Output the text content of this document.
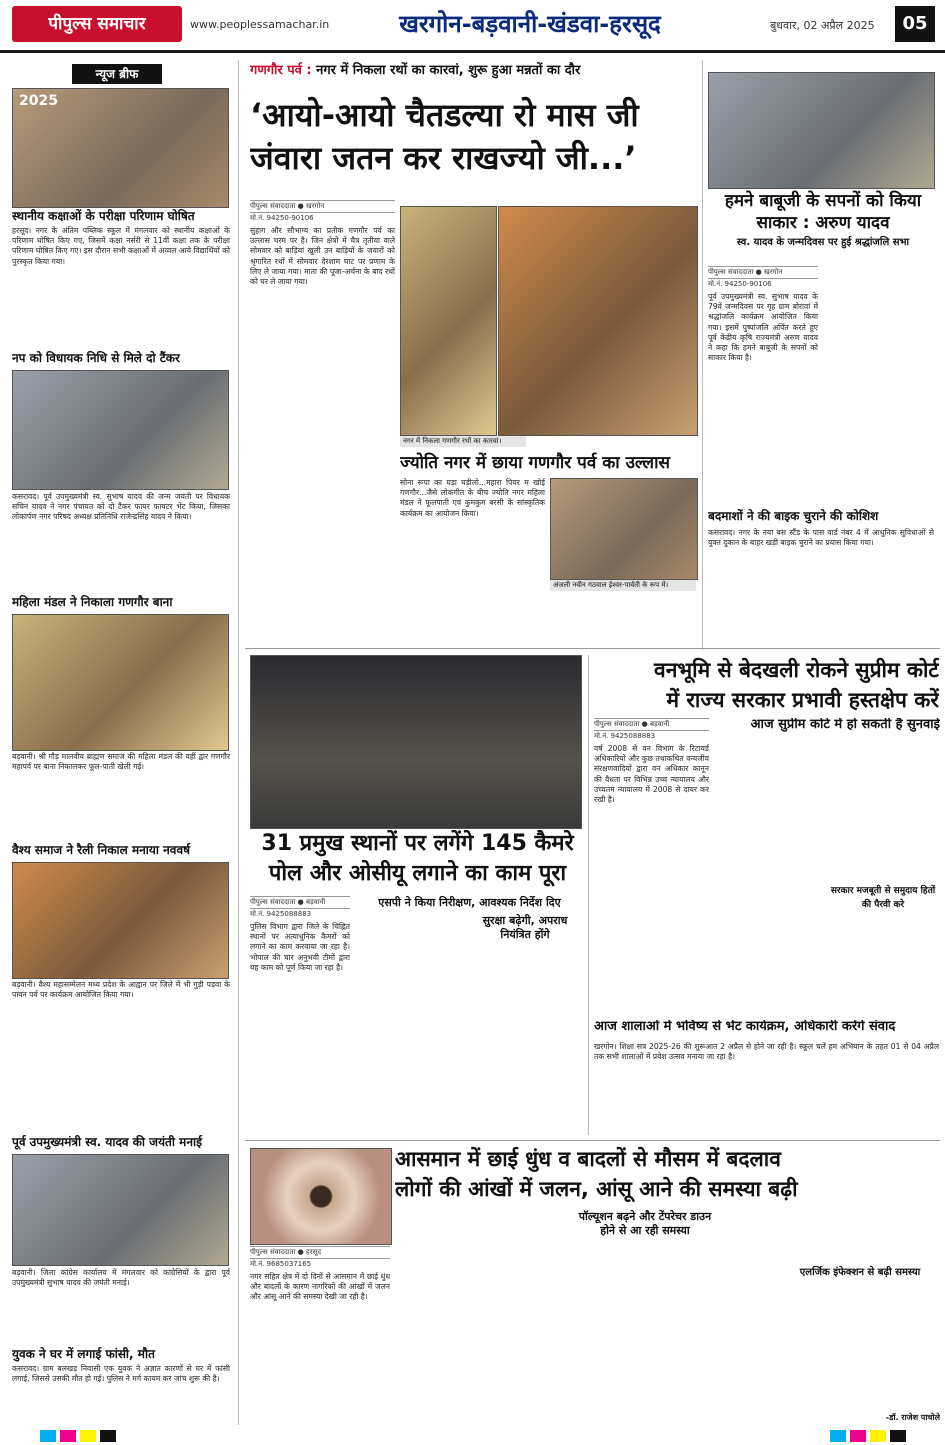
पीपुल्स समाचार	www.peoplessamachar.in	खरगोन-बड़वानी-खंडवा-हरसूद	बुधवार, 02 अप्रैल 2025	05
न्यूज ब्रीफ
2025
स्थानीय कक्षाओं के परीक्षा परिणाम घोषित
हरसूद। नगर के अंतिम पब्लिक स्कूल में मंगलवार को स्थानीय कक्षाओं के परिणाम घोषित किए गए, जिसमें कक्षा नर्सरी से 11वीं कक्षा तक के परीक्षा परिणाम घोषित किए गए। इस दौरान सभी कक्षाओं में अव्वल आये विद्यार्थियों को पुरस्कृत किया गया।
नप को विधायक निधि से मिले दो टैंकर
कसरावद। पूर्व उपमुख्यमंत्री स्व. सुभाष यादव की जन्म जयंती पर विधायक सचिन यादव ने नगर पंचायत को दो टैंकर फायर फायटर भेंट किया, जिसका लोकार्पण नगर परिषद अध्यक्ष प्रतिनिधि राजेन्द्रसिंह यादव ने किया।
महिला मंडल ने निकाला गणगौर बाना
बड़वानी। श्री गौड़ मालवीय ब्राह्मण समाज की महिला मंडल की वहीं द्वार गणगौर महापर्व पर बाना निकालकर फूल-पाती खेली गई।
वैश्य समाज ने रैली निकाल मनाया नववर्ष
बड़वानी। वैश्य महासम्मेलन मध्य प्रदेश के आह्वान पर जिले में भी गुड़ी पड़वा के पावन पर्व पर कार्यक्रम आयोजित किया गया।
पूर्व उपमुख्यमंत्री स्व. यादव की जयंती मनाई
बड़वानी। जिला कांग्रेस कार्यालय में मंगलवार को कांग्रेसियों के द्वारा पूर्व उपमुख्यमंत्री सुभाष यादव की जयंती मनाई।
युवक ने घर में लगाई फांसी, मौत
कसरावद। ग्राम बलखड़ निवासी एक युवक ने अज्ञात कारणों से घर में फांसी लगाई, जिससे उसकी मौत हो गई। पुलिस ने मर्ग कायम कर जांच शुरू की है।
गणगौर पर्व : नगर में निकला रथों का कारवां, शुरू हुआ मन्नतों का दौर
‘आयो-आयो चैतडल्या रो मास जी
जंवारा जतन कर राखज्यो जी...’
पीपुल्स संवाददाता ● खरगोन
मो.नं. 94250-90106
सुहाग और सौभाग्य का प्रतीक गणगौर पर्व का उल्लास चरम पर है। जिन क्षेत्रों में चैत्र तृतीया वाले सोमवार को बाड़ियां खुली उन बाड़ियों के जवारों को श्रृंगारित रथों में सोमवार देरशाम घाट पर प्रणाम के लिए ले जाया गया। माता की पूजा-अर्चना के बाद रथों को घर ले जाया गया।
नगर में निकला गणगौर रथों का कारवां।
ज्योति नगर में छाया गणगौर पर्व का उल्लास
सोना रूपा का घड़ा घड़ीलो...महारा पियर म खोई गणगौर...जैसे लोकगीत के बीच ज्योति नगर महिला मंडल ने फूलपाती एवं कुमकुम बरसी के सांस्कृतिक कार्यक्रम का आयोजन किया।
अंजली नवीन गठवाल ईश्वर-पार्वती के रूप में।
हमने बाबूजी के सपनों को किया
साकार : अरुण यादव
स्व. यादव के जन्मदिवस पर हुई श्रद्धांजलि सभा
पीपुल्स संवाददाता ● खरगोन
मो.नं. 94250-90106
पूर्व उपमुख्यमंत्री स्व. सुभाष यादव के 79वें जन्मदिवस पर गृह ग्राम बोरावां में श्रद्धांजलि कार्यक्रम आयोजित किया गया। इसमें पुष्पांजलि अर्पित करते हुए पूर्व केंद्रीय कृषि राज्यमंत्री अरुण यादव ने कहा कि हमने बाबूजी के सपनों को साकार किया है।
बदमाशों ने की बाइक चुराने की कोशिश
कसरावद। नगर के नया बस स्टैंड के पास वार्ड नंबर 4 में आधुनिक सुविधाओं से युक्त दुकान के बाहर खड़ी बाइक चुराने का प्रयास किया गया।
31 प्रमुख स्थानों पर लगेंगे 145 कैमरे
पोल और ओसीयू लगाने का काम पूरा
पीपुल्स संवाददाता ● बड़वानी
मो.नं. 9425088883
एसपी ने किया निरीक्षण, आवश्यक निर्देश दिए
पुलिस विभाग द्वारा जिले के चिह्नित स्थानों पर अत्याधुनिक कैमरों को लगाने का काम करवाया जा रहा है। भोपाल की चार अनुभवी टीमों द्वारा यह काम को पूर्ण किया जा रहा है।
सुरक्षा बढ़ेगी, अपराध नियंत्रित होंगे
वनभूमि से बेदखली रोकने सुप्रीम कोर्ट
में राज्य सरकार प्रभावी हस्तक्षेप करें
आज सुप्रीम कोर्ट में हो सकती है सुनवाई
पीपुल्स संवाददाता ● बड़वानी
मो.नं. 9425088883
वर्ष 2008 से वन विभाग के रिटायर्ड अधिकारियों और कुछ तथाकथित वन्यजीव संरक्षणवादियों द्वारा वन अधिकार कानून की वैधता पर विभिन्न उच्च न्यायालय और उच्चतम न्यायालय में 2008 से दायर कर रखी है।
सरकार मजबूती से समुदाय हितों की पैरवी करे
आज शालाओं में भविष्य से भेंट कार्यक्रम, अधिकारी करेंगे संवाद
खरगोन। शिक्षा सत्र 2025-26 की शुरूआत 2 अप्रैल से होने जा रही है। स्कूल चलें हम अभियान के तहत 01 से 04 अप्रैल तक सभी शालाओं में प्रवेश उत्सव मनाया जा रहा है।
आसमान में छाई धुंध व बादलों से मौसम में बदलाव
लोगों की आंखों में जलन, आंसू आने की समस्या बढ़ी
पॉल्यूशन बढ़ने और टेंपरेचर डाउन
होने से आ रही समस्या
पीपुल्स संवाददाता ● हरसूद
मो.नं. 9685037165
नगर सहित क्षेत्र में दो दिनों से आसमान में छाई धुंध और बादलों के कारण नागरिकों की आंखों में जलन और आंसू आने की समस्या देखी जा रही है।
एलर्जिक इंफेक्शन से बढ़ी समस्या
-डॉ. राजेश पाचोले
